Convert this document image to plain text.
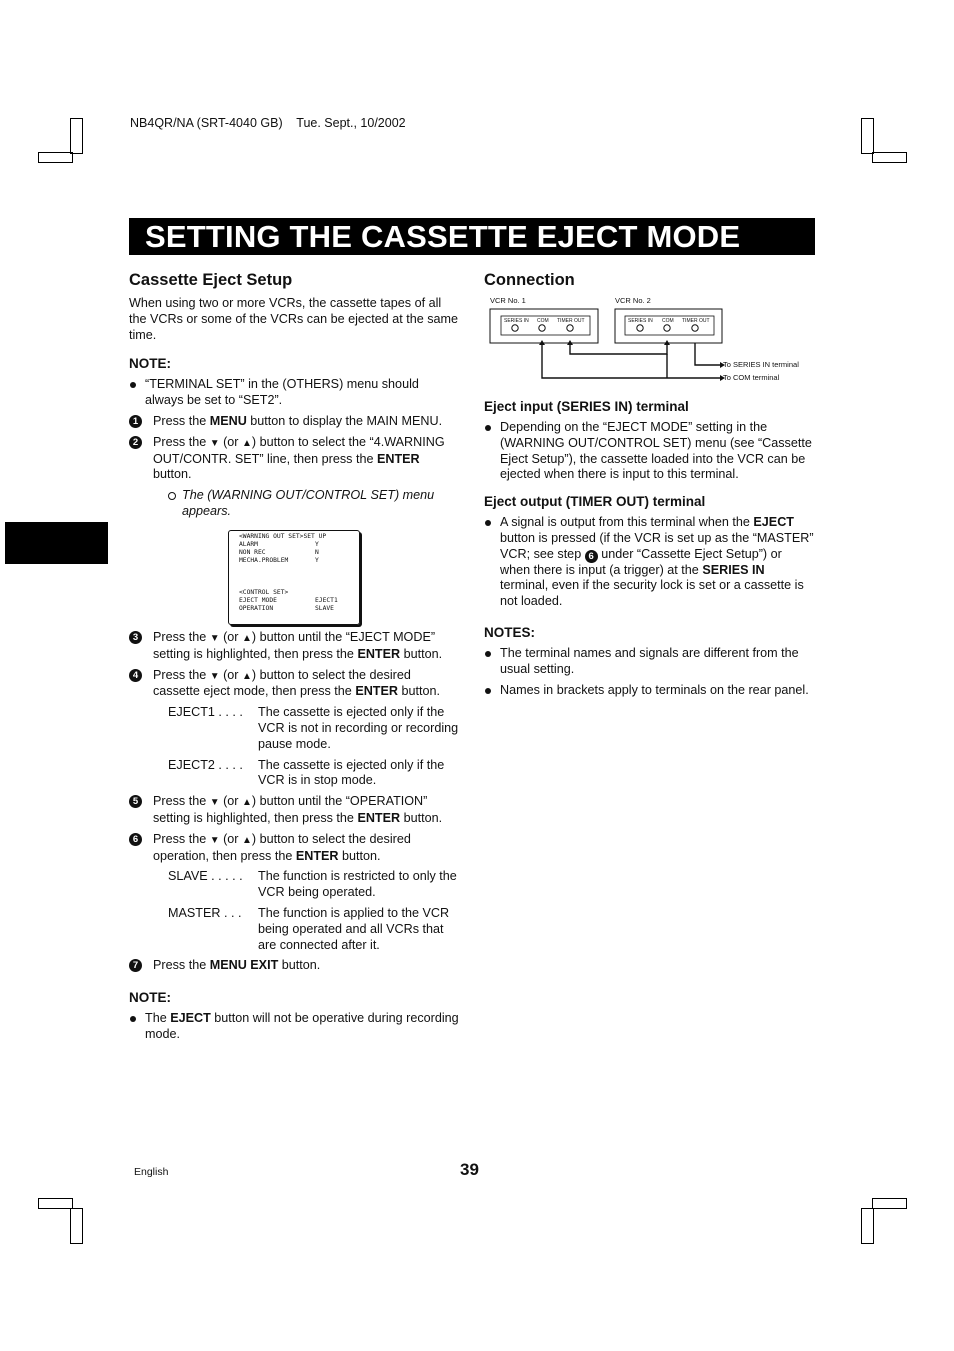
NB4QR/NA (SRT-4040 GB)    Tue. Sept., 10/2002
SETTING THE CASSETTE EJECT MODE
Cassette Eject Setup

When using two or more VCRs, the cassette tapes of all the VCRs or some of the VCRs can be ejected at the same time.

NOTE:
“TERMINAL SET” in the (OTHERS) menu should always be set to “SET2”.
1	Press the MENU button to display the MAIN MENU.
2	Press the ▼ (or ▲) button to select the “4.WARNING OUT/CONTR. SET” line, then press the ENTER button.
The (WARNING OUT/CONTROL SET) menu appears.
<WARNING OUT SET>SET UP
ALARM	Y
NON REC	N
MECHA.PROBLEM	Y
<CONTROL SET>
EJECT MODE	EJECT1
OPERATION	SLAVE
3	Press the ▼ (or ▲) button until the “EJECT MODE” setting is highlighted, then press the ENTER button.
4	Press the ▼ (or ▲) button to select the desired cassette eject mode, then press the ENTER button.
EJECT1 . . . .	The cassette is ejected only if the VCR is not in recording or recording pause mode.
EJECT2 . . . .	The cassette is ejected only if the VCR is in stop mode.
5	Press the ▼ (or ▲) button until the “OPERATION” setting is highlighted, then press the ENTER button.
6	Press the ▼ (or ▲) button to select the desired operation, then press the ENTER button.
SLAVE . . . . .	The function is restricted to only the VCR being operated.
MASTER . . .	The function is applied to the VCR being operated and all VCRs that are connected after it.
7	Press the MENU EXIT button.
NOTE:
The EJECT button will not be operative during recording mode.
Connection
VCR No. 1	VCR No. 2
SERIES IN COM TIMER OUT	SERIES IN COM TIMER OUT
To SERIES IN terminal
To COM terminal
Eject input (SERIES IN) terminal
Depending on the “EJECT MODE” setting in the (WARNING OUT/CONTROL SET) menu (see “Cassette Eject Setup”), the cassette loaded into the VCR can be ejected when there is input to this terminal.
Eject output (TIMER OUT) terminal
A signal is output from this terminal when the EJECT button is pressed (if the VCR is set up as the “MASTER” VCR; see step 6 under “Cassette Eject Setup”) or when there is input (a trigger) at the SERIES IN terminal, even if the security lock is set or a cassette is not loaded.
NOTES:
The terminal names and signals are different from the usual setting.
Names in brackets apply to terminals on the rear panel.
English	39
